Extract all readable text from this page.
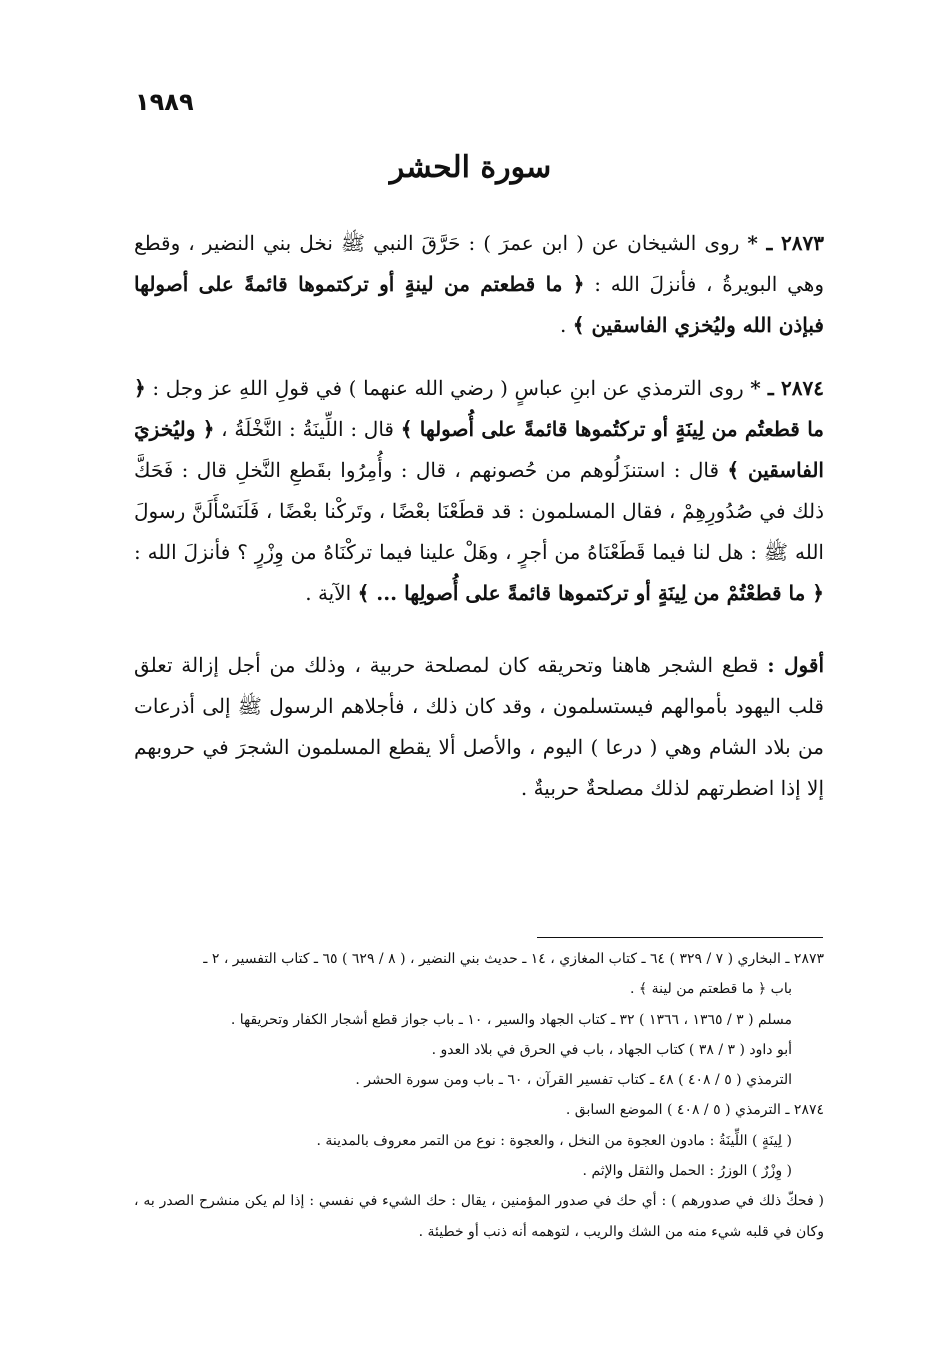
١٩٨٩
سورة الحشر

٢٨٧٣ ـ * روى الشيخان عن ( ابن عمرَ ) : حَرَّقَ النبي ﷺ نخل بني النضير ، وقطع وهي البويرةُ ، فأنزلَ الله : ﴿ ما قطعتم من لينةٍ أو تركتموها قائمةً على أصولها فبإذن الله وليُخزي الفاسقين ﴾ .

٢٨٧٤ ـ * روى الترمذي عن ابنِ عباسٍ ( رضي الله عنهما ) في قولِ اللهِ عز وجل : ﴿ ما قطعتُم من لِينَةٍ أو تركتُموها قائمةً على أُصولها ﴾ قال : اللِّينَةُ : النَّخْلَةُ ، ﴿ وليُخزيَ الفاسقين ﴾ قال : استنزَلُوهم من حُصونهم ، قال : وأُمِرُوا بقَطعِ النَّخلِ قال : فَحَكَّ ذلك في صُدُورِهِمْ ، فقال المسلمون : قد قطَعْنَا بعْضًا ، وتَركْنا بعْضًا ، فَلَنَسْأَلَنَّ رسولَ الله ﷺ : هل لنا فيما قَطَعْنَاهُ من أجرٍ ، وهَلْ علينا فيما تركْنَاهُ من وِزْرٍ ؟ فأنزلَ الله : ﴿ ما قطعْتُمْ من لِينَةٍ أو تركتموها قائمةً على أُصولِها ... ﴾ الآية .

أقول : قطع الشجر هاهنا وتحريقه كان لمصلحة حربية ، وذلك من أجل إزالة تعلق قلب اليهود بأموالهم فيستسلمون ، وقد كان ذلك ، فأجلاهم الرسول ﷺ إلى أذرعات من بلاد الشام وهي ( درعا ) اليوم ، والأصل ألا يقطع المسلمون الشجرَ في حروبهم إلا إذا اضطرتهم لذلك مصلحةٌ حربيةٌ .

٢٨٧٣ ـ البخاري ( ٧ / ٣٢٩ ) ٦٤ ـ كتاب المغازي ، ١٤ ـ حديث بني النضير ، ( ٨ / ٦٢٩ ) ٦٥ ـ كتاب التفسير ، ٢ ـ
باب ﴿ ما قطعتم من لينة ﴾ .
مسلم ( ٣ / ١٣٦٥ ، ١٣٦٦ ) ٣٢ ـ كتاب الجهاد والسير ، ١٠ ـ باب جواز قطع أشجار الكفار وتحريقها .
أبو داود ( ٣ / ٣٨ ) كتاب الجهاد ، باب في الحرق في بلاد العدو .
الترمذي ( ٥ / ٤٠٨ ) ٤٨ ـ كتاب تفسير القرآن ، ٦٠ ـ باب ومن سورة الحشر .
٢٨٧٤ ـ الترمذي ( ٥ / ٤٠٨ ) الموضع السابق .
( لِينَةٍ ) اللِّينَةُ : مادون العجوة من النخل ، والعجوة : نوع من التمر معروف بالمدينة .
( وِزْرٌ ) الوزرُ : الحمل والثقل والإثم .
( فحكّ ذلك في صدورهم ) : أي حك في صدور المؤمنين ، يقال : حك الشيء في نفسي : إذا لم يكن منشرح الصدر به ، وكان في قلبه شيء منه من الشك والريب ، لتوهمه أنه ذنب أو خطيئة .
